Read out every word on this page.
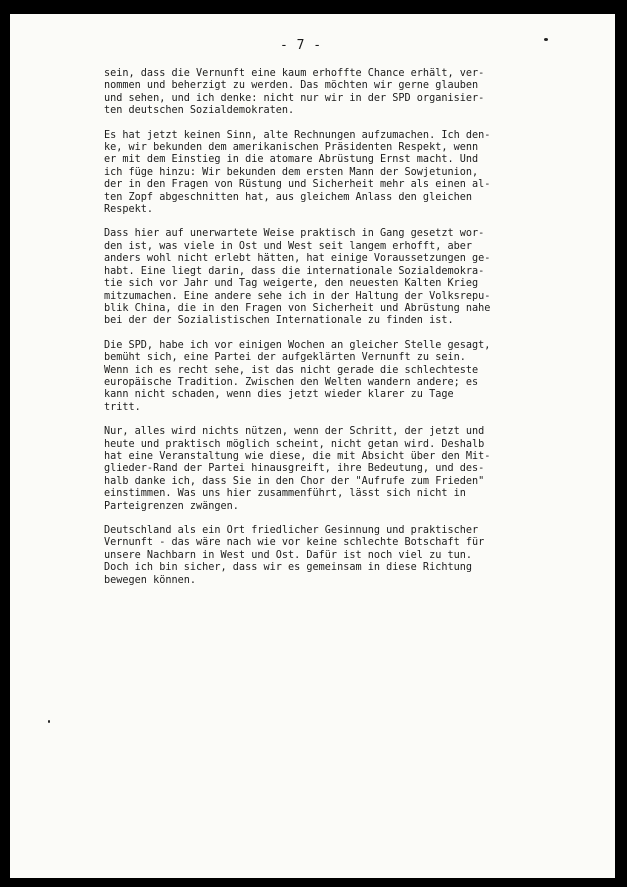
- 7 -

sein, dass die Vernunft eine kaum erhoffte Chance erhält, ver-
nommen und beherzigt zu werden. Das möchten wir gerne glauben
und sehen, und ich denke: nicht nur wir in der SPD organisier-
ten deutschen Sozialdemokraten.

Es hat jetzt keinen Sinn, alte Rechnungen aufzumachen. Ich den-
ke, wir bekunden dem amerikanischen Präsidenten Respekt, wenn
er mit dem Einstieg in die atomare Abrüstung Ernst macht. Und
ich füge hinzu: Wir bekunden dem ersten Mann der Sowjetunion,
der in den Fragen von Rüstung und Sicherheit mehr als einen al-
ten Zopf abgeschnitten hat, aus gleichem Anlass den gleichen
Respekt.

Dass hier auf unerwartete Weise praktisch in Gang gesetzt wor-
den ist, was viele in Ost und West seit langem erhofft, aber
anders wohl nicht erlebt hätten, hat einige Voraussetzungen ge-
habt. Eine liegt darin, dass die internationale Sozialdemokra-
tie sich vor Jahr und Tag weigerte, den neuesten Kalten Krieg
mitzumachen. Eine andere sehe ich in der Haltung der Volksrepu-
blik China, die in den Fragen von Sicherheit und Abrüstung nahe
bei der der Sozialistischen Internationale zu finden ist.

Die SPD, habe ich vor einigen Wochen an gleicher Stelle gesagt,
bemüht sich, eine Partei der aufgeklärten Vernunft zu sein.
Wenn ich es recht sehe, ist das nicht gerade die schlechteste
europäische Tradition. Zwischen den Welten wandern andere; es
kann nicht schaden, wenn dies jetzt wieder klarer zu Tage
tritt.

Nur, alles wird nichts nützen, wenn der Schritt, der jetzt und
heute und praktisch möglich scheint, nicht getan wird. Deshalb
hat eine Veranstaltung wie diese, die mit Absicht über den Mit-
glieder-Rand der Partei hinausgreift, ihre Bedeutung, und des-
halb danke ich, dass Sie in den Chor der "Aufrufe zum Frieden"
einstimmen. Was uns hier zusammenführt, lässt sich nicht in
Parteigrenzen zwängen.

Deutschland als ein Ort friedlicher Gesinnung und praktischer
Vernunft - das wäre nach wie vor keine schlechte Botschaft für
unsere Nachbarn in West und Ost. Dafür ist noch viel zu tun.
Doch ich bin sicher, dass wir es gemeinsam in diese Richtung
bewegen können.
